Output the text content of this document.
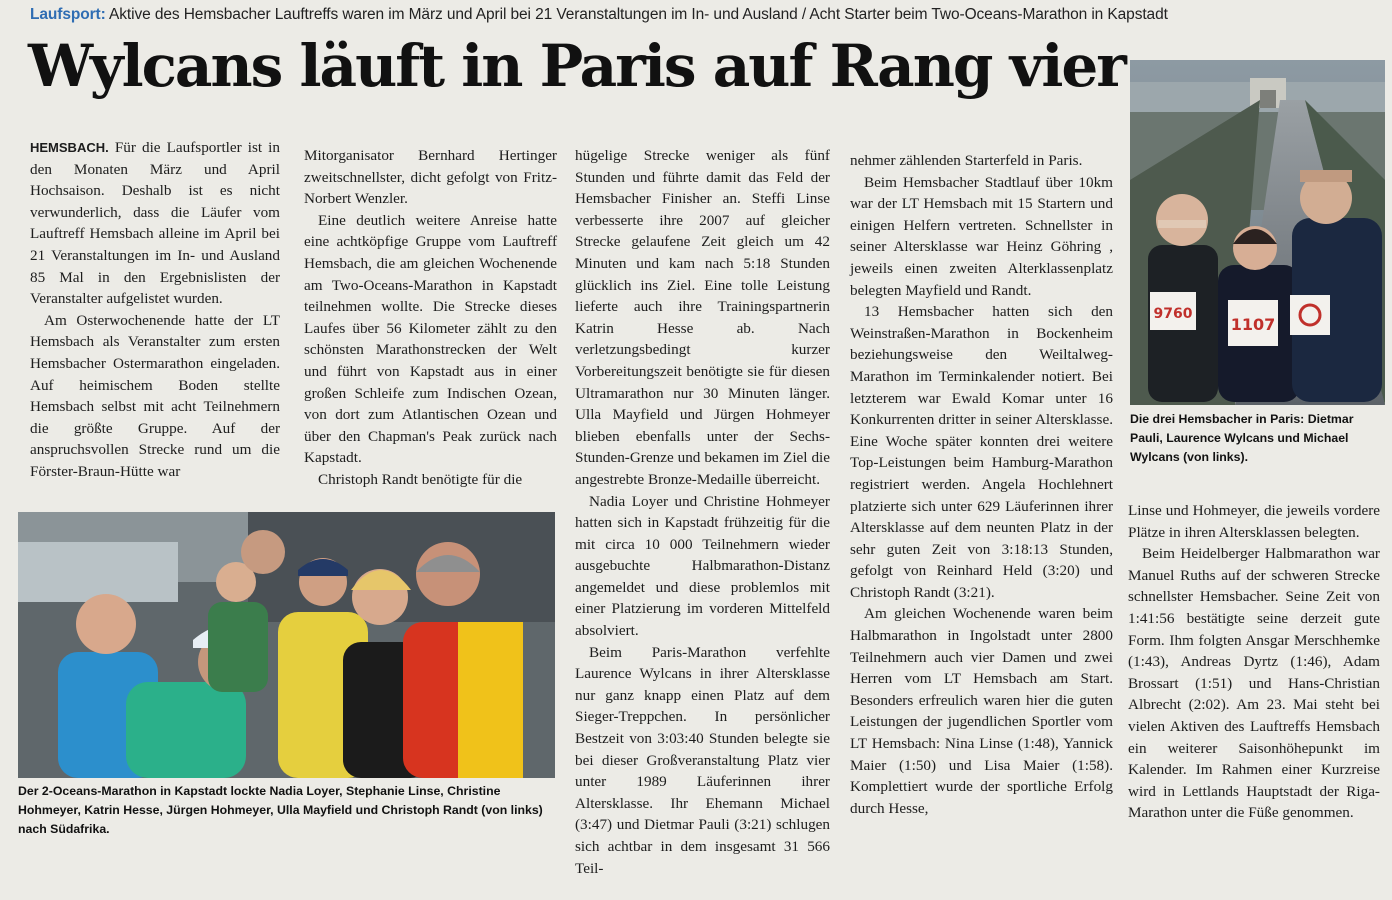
Laufsport: Aktive des Hemsbacher Lauftreffs waren im März und April bei 21 Veranstaltungen im In- und Ausland / Acht Starter beim Two-Oceans-Marathon in Kapstadt
Wylcans läuft in Paris auf Rang vier

HEMSBACH. Für die Laufsportler ist in den Monaten März und April Hochsaison. Deshalb ist es nicht verwunderlich, dass die Läufer vom Lauftreff Hemsbach alleine im April bei 21 Veranstaltungen im In- und Ausland 85 Mal in den Ergebnislisten der Veranstalter aufgelistet wurden.

Am Osterwochenende hatte der LT Hemsbach als Veranstalter zum ersten Hemsbacher Ostermarathon eingeladen. Auf heimischem Boden stellte Hemsbach selbst mit acht Teilnehmern die größte Gruppe. Auf der anspruchsvollen Strecke rund um die Förster-Braun-Hütte war

Mitorganisator Bernhard Hertinger zweitschnellster, dicht gefolgt von Fritz-Norbert Wenzler.

Eine deutlich weitere Anreise hatte eine achtköpfige Gruppe vom Lauftreff Hemsbach, die am gleichen Wochenende am Two-Oceans-Marathon in Kapstadt teilnehmen wollte. Die Strecke dieses Laufes über 56 Kilometer zählt zu den schönsten Marathonstrecken der Welt und führt von Kapstadt aus in einer großen Schleife zum Indischen Ozean, von dort zum Atlantischen Ozean und über den Chapman's Peak zurück nach Kapstadt.

Christoph Randt benötigte für die

hügelige Strecke weniger als fünf Stunden und führte damit das Feld der Hemsbacher Finisher an. Steffi Linse verbesserte ihre 2007 auf gleicher Strecke gelaufene Zeit gleich um 42 Minuten und kam nach 5:18 Stunden glücklich ins Ziel. Eine tolle Leistung lieferte auch ihre Trainingspartnerin Katrin Hesse ab. Nach verletzungsbedingt kurzer Vorbereitungszeit benötigte sie für diesen Ultramarathon nur 30 Minuten länger. Ulla Mayfield und Jürgen Hohmeyer blieben ebenfalls unter der Sechs-Stunden-Grenze und bekamen im Ziel die angestrebte Bronze-Medaille überreicht.

Nadia Loyer und Christine Hohmeyer hatten sich in Kapstadt frühzeitig für die mit circa 10 000 Teilnehmern wieder ausgebuchte Halbmarathon-Distanz angemeldet und diese problemlos mit einer Platzierung im vorderen Mittelfeld absolviert.

Beim Paris-Marathon verfehlte Laurence Wylcans in ihrer Altersklasse nur ganz knapp einen Platz auf dem Sieger-Treppchen. In persönlicher Bestzeit von 3:03:40 Stunden belegte sie bei dieser Großveranstaltung Platz vier unter 1989 Läuferinnen ihrer Altersklasse. Ihr Ehemann Michael (3:47) und Dietmar Pauli (3:21) schlugen sich achtbar in dem insgesamt 31 566 Teil-

nehmer zählenden Starterfeld in Paris.

Beim Hemsbacher Stadtlauf über 10km war der LT Hemsbach mit 15 Startern und einigen Helfern vertreten. Schnellster in seiner Altersklasse war Heinz Göhring , jeweils einen zweiten Alterklassenplatz belegten Mayfield und Randt.

13 Hemsbacher hatten sich den Weinstraßen-Marathon in Bockenheim beziehungsweise den Weiltalweg-Marathon im Terminkalender notiert. Bei letzterem war Ewald Komar unter 16 Konkurrenten dritter in seiner Altersklasse. Eine Woche später konnten drei weitere Top-Leistungen beim Hamburg-Marathon registriert werden. Angela Hochlehnert platzierte sich unter 629 Läuferinnen ihrer Altersklasse auf dem neunten Platz in der sehr guten Zeit von 3:18:13 Stunden, gefolgt von Reinhard Held (3:20) und Christoph Randt (3:21).

Am gleichen Wochenende waren beim Halbmarathon in Ingolstadt unter 2800 Teilnehmern auch vier Damen und zwei Herren vom LT Hemsbach am Start. Besonders erfreulich waren hier die guten Leistungen der jugendlichen Sportler vom LT Hemsbach: Nina Linse (1:48), Yannick Maier (1:50) und Lisa Maier (1:58). Komplettiert wurde der sportliche Erfolg durch Hesse,

Linse und Hohmeyer, die jeweils vordere Plätze in ihren Altersklassen belegten.

Beim Heidelberger Halbmarathon war Manuel Ruths auf der schweren Strecke schnellster Hemsbacher. Seine Zeit von 1:41:56 bestätigte seine derzeit gute Form. Ihm folgten Ansgar Merschhemke (1:43), Andreas Dyrtz (1:46), Adam Brossart (1:51) und Hans-Christian Albrecht (2:02). Am 23. Mai steht bei vielen Aktiven des Lauftreffs Hemsbach ein weiterer Saisonhöhepunkt im Kalender. Im Rahmen einer Kurzreise wird in Lettlands Hauptstadt der Riga-Marathon unter die Füße genommen.

9760
1107
Die drei Hemsbacher in Paris: Dietmar Pauli, Laurence Wylcans und Michael Wylcans (von links).
Der 2-Oceans-Marathon in Kapstadt lockte Nadia Loyer, Stephanie Linse, Christine Hohmeyer, Katrin Hesse, Jürgen Hohmeyer, Ulla Mayfield und Christoph Randt (von links) nach Südafrika.
